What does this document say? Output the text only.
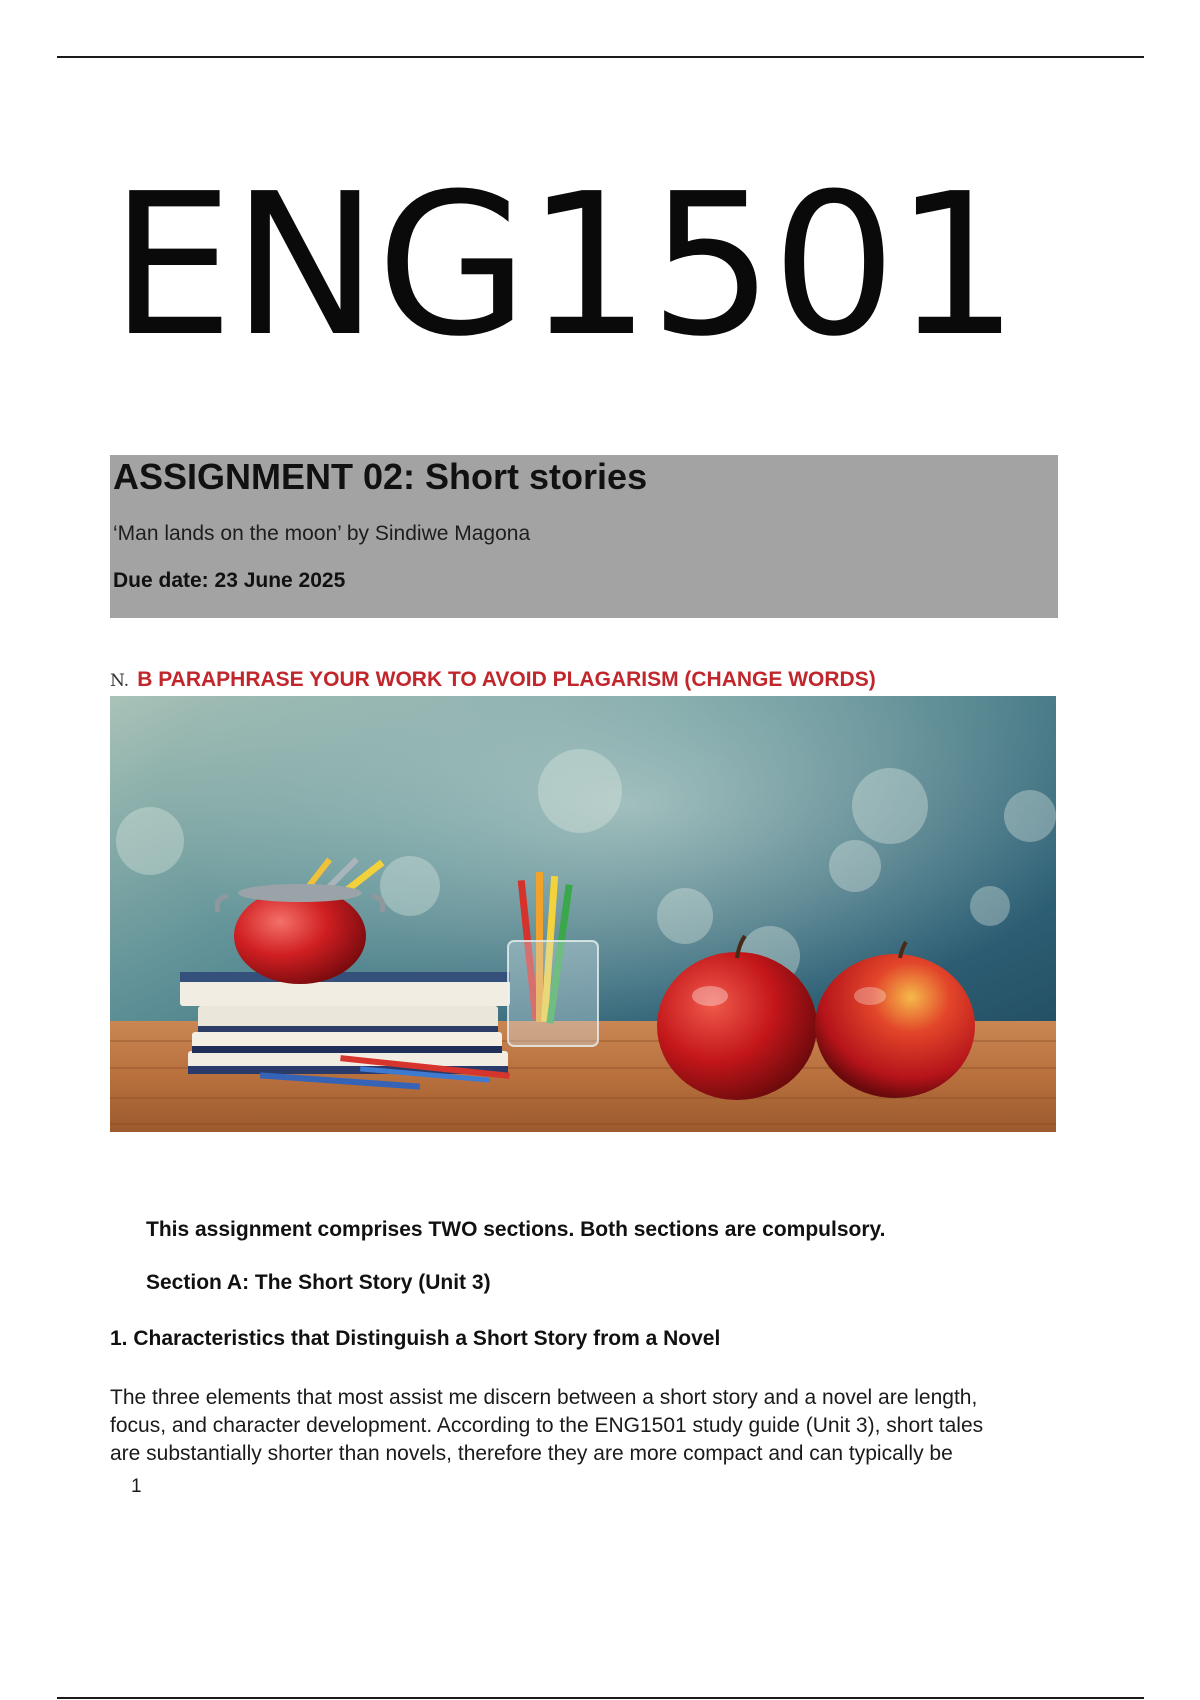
ENG1501
ASSIGNMENT 02: Short stories
‘Man lands on the moon’ by Sindiwe Magona
Due date: 23 June 2025
N. B PARAPHRASE YOUR WORK TO AVOID PLAGARISM (CHANGE WORDS)
This assignment comprises TWO sections. Both sections are compulsory.
Section A: The Short Story (Unit 3)
1. Characteristics that Distinguish a Short Story from a Novel
The three elements that most assist me discern between a short story and a novel are length,
focus, and character development. According to the ENG1501 study guide (Unit 3), short tales
are substantially shorter than novels, therefore they are more compact and can typically be
1
